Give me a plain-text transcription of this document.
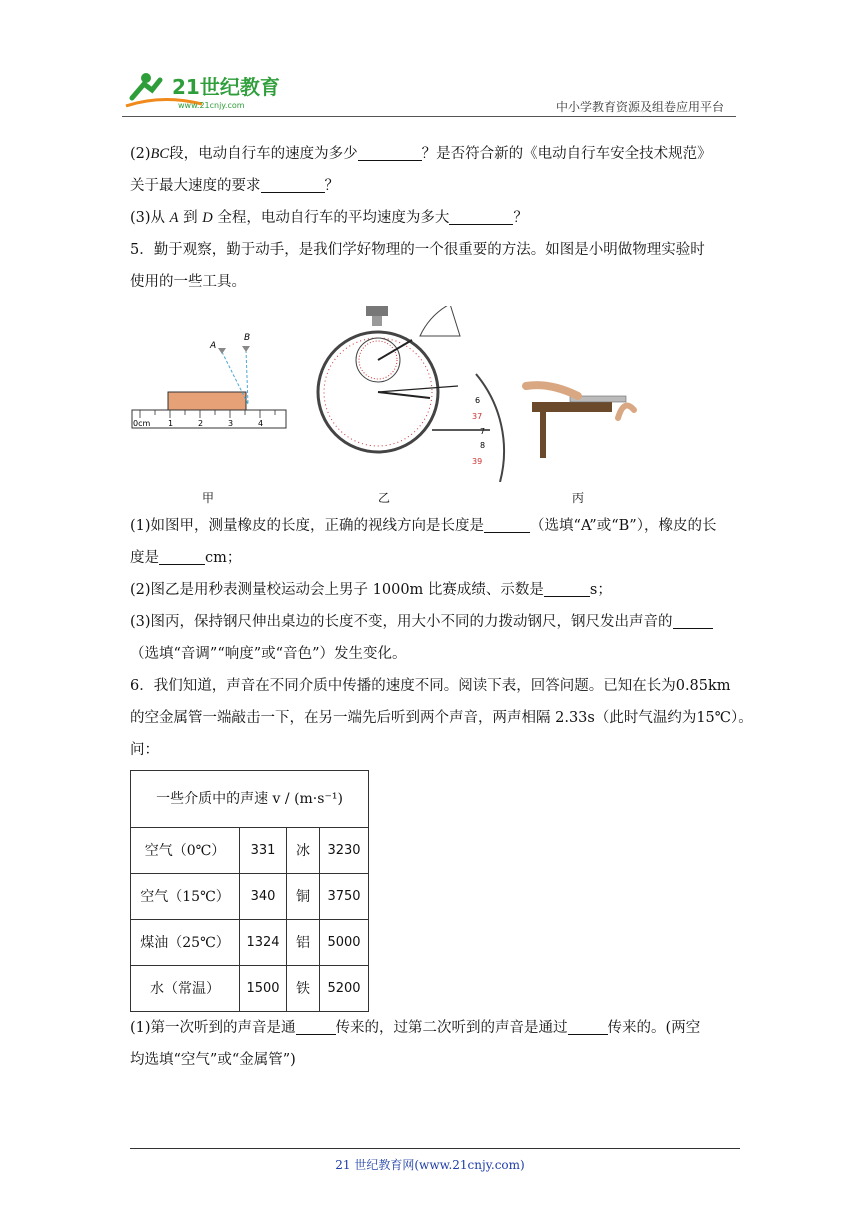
21世纪教育
www.21cnjy.com	中小学教育资源及组卷应用平台

(2)BC段，电动自行车的速度为多少	？是否符合新的《电动自行车安全技术规范》

关于最大速度的要求	？

(3)从 A 到 D 全程，电动自行车的平均速度为多大	？

5．勤于观察，勤于动手，是我们学好物理的一个很重要的方法。如图是小明做物理实验时

使用的一些工具。

0cm 1	2	3	4
A
B
6
37
7
8
39
甲	乙	丙

(1)如图甲，测量橡皮的长度，正确的视线方向是长度是	（选填“A”或“B”），橡皮的长

度是	cm；

(2)图乙是用秒表测量校运动会上男子 1000m 比赛成绩、示数是	s；

(3)图丙，保持钢尺伸出桌边的长度不变，用大小不同的力拨动钢尺，钢尺发出声音的

（选填“音调”“响度”或“音色”）发生变化。

6．我们知道，声音在不同介质中传播的速度不同。阅读下表，回答问题。已知在长为0.85km

的空金属管一端敲击一下，在另一端先后听到两个声音，两声相隔 2.33s（此时气温约为15℃）。

问：

一些介质中的声速 v / (m·s⁻¹)			
空气（0℃）	331	冰	3230
空气（15℃）	340	铜	3750
煤油（25℃）	1324	铝	5000
水（常温）	1500	铁	5200

(1)第一次听到的声音是通	传来的，过第二次听到的声音是通过	传来的。(两空

均选填“空气”或“金属管”)

21 世纪教育网(www.21cnjy.com)
